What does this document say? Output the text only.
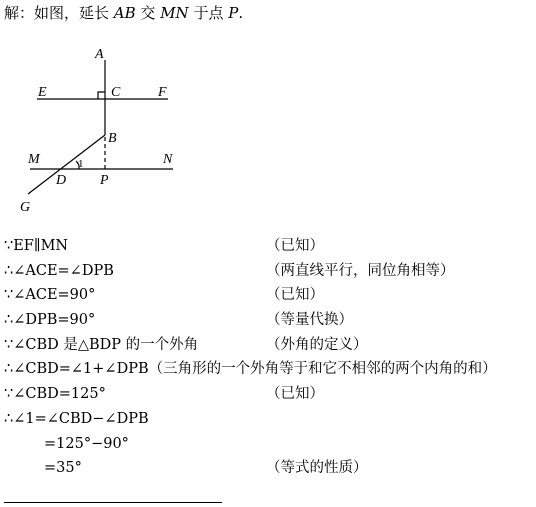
解：如图，延长 AB 交 MN 于点 P.
A
C
E	F
B
M	N
1
D P
G
∵EF∥MN	（已知）
∴∠ACE=∠DPB	（两直线平行，同位角相等）
∵∠ACE=90°	（已知）
∴∠DPB=90°	（等量代换）
∵∠CBD 是△BDP 的一个外角	（外角的定义）
∴∠CBD=∠1+∠DPB（三角形的一个外角等于和它不相邻的两个内角的和）
∵∠CBD=125°	（已知）
∴∠1=∠CBD−∠DPB
=125°−90°
=35°	（等式的性质）
